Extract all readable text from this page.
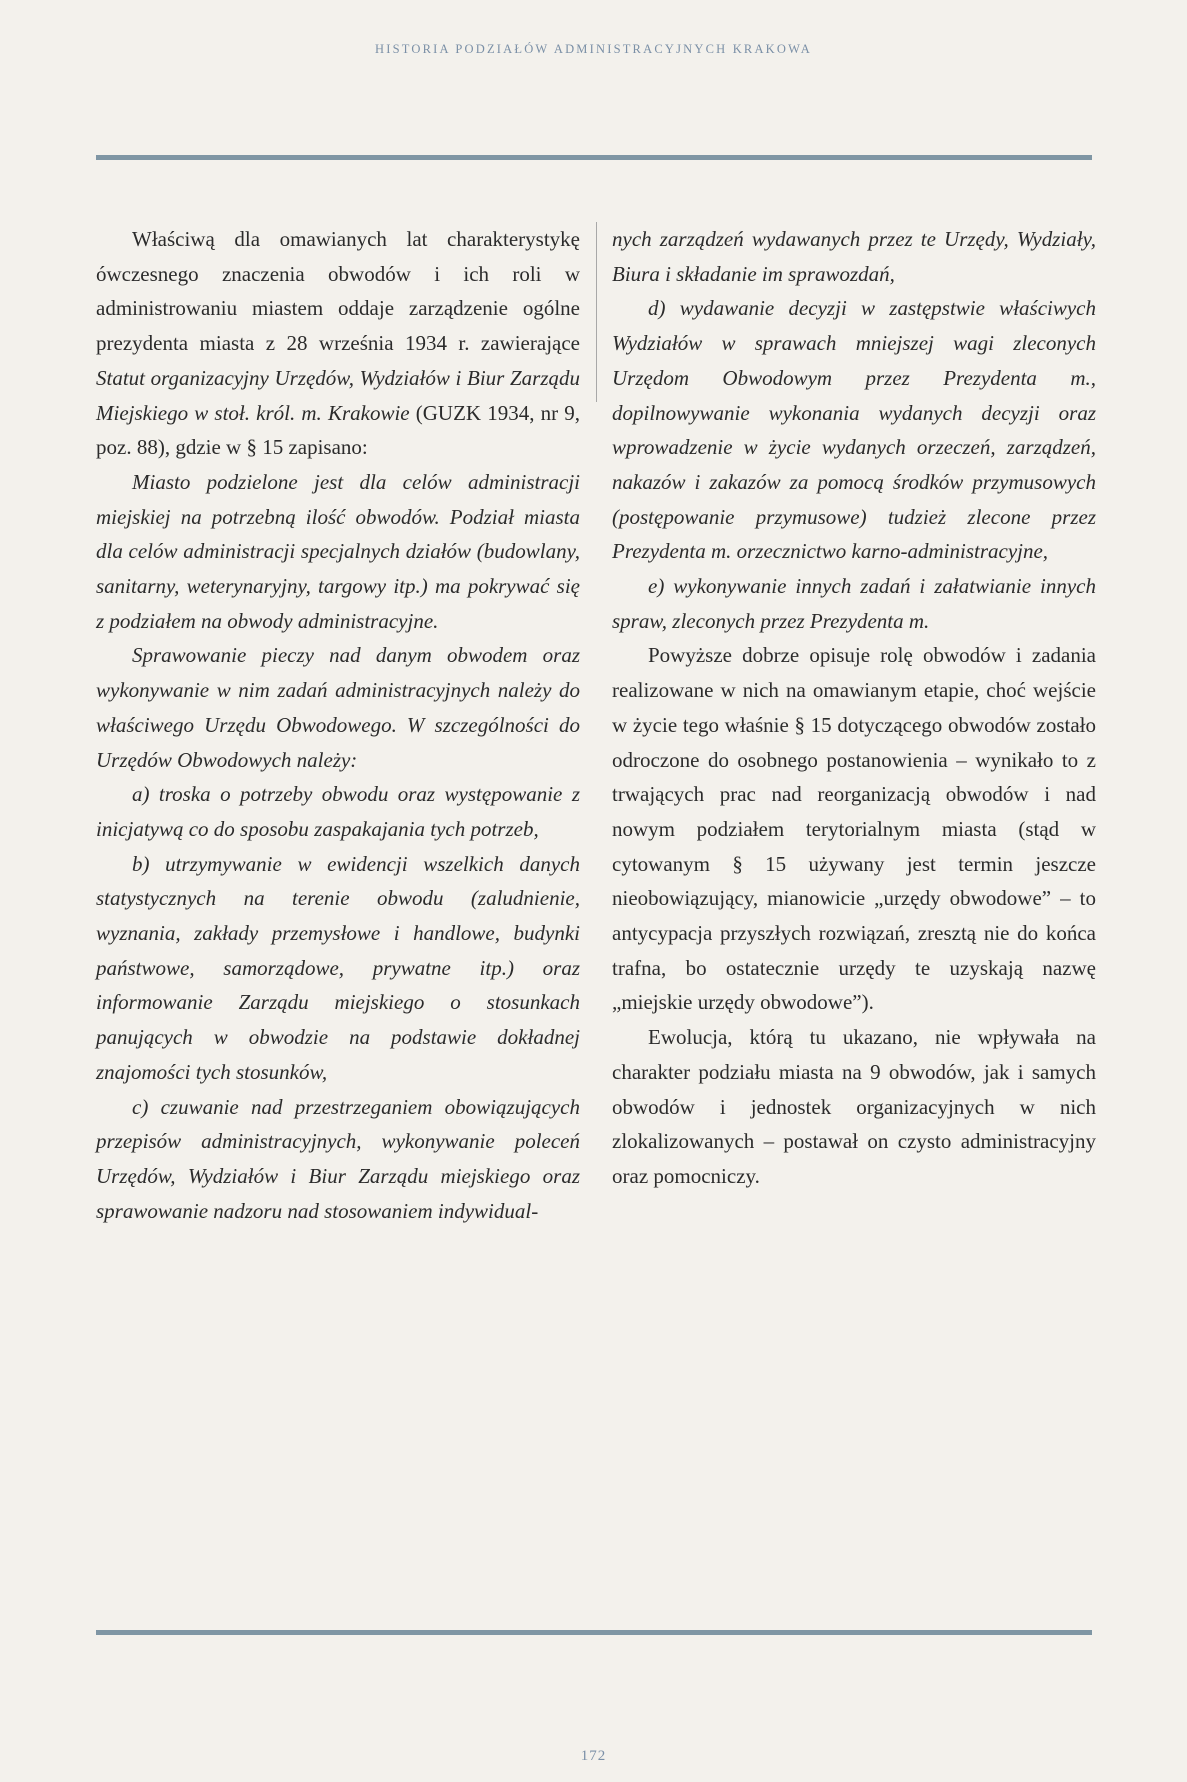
HISTORIA PODZIAŁÓW ADMINISTRACYJNYCH KRAKOWA

Właściwą dla omawianych lat charakterystykę ówczesnego znaczenia obwodów i ich roli w administrowaniu miastem oddaje zarządzenie ogólne prezydenta miasta z 28 września 1934 r. zawierające Statut organizacyjny Urzędów, Wydziałów i Biur Zarządu Miejskiego w stoł. król. m. Krakowie (GUZK 1934, nr 9, poz. 88), gdzie w § 15 zapisano:

Miasto podzielone jest dla celów administracji miejskiej na potrzebną ilość obwodów. Podział miasta dla celów administracji specjalnych działów (budowlany, sanitarny, weterynaryjny, targowy itp.) ma pokrywać się z podziałem na obwody administracyjne.

Sprawowanie pieczy nad danym obwodem oraz wykonywanie w nim zadań administracyjnych należy do właściwego Urzędu Obwodowego. W szczególności do Urzędów Obwodowych należy:

a) troska o potrzeby obwodu oraz występowanie z inicjatywą co do sposobu zaspakajania tych potrzeb,

b) utrzymywanie w ewidencji wszelkich danych statystycznych na terenie obwodu (zaludnienie, wyznania, zakłady przemysłowe i handlowe, budynki państwowe, samorządowe, prywatne itp.) oraz informowanie Zarządu miejskiego o stosunkach panujących w obwodzie na podstawie dokładnej znajomości tych stosunków,

c) czuwanie nad przestrzeganiem obowiązujących przepisów administracyjnych, wykonywanie poleceń Urzędów, Wydziałów i Biur Zarządu miejskiego oraz sprawowanie nadzoru nad stosowaniem indywidual-

nych zarządzeń wydawanych przez te Urzędy, Wydziały, Biura i składanie im sprawozdań,

d) wydawanie decyzji w zastępstwie właściwych Wydziałów w sprawach mniejszej wagi zleconych Urzędom Obwodowym przez Prezydenta m., dopilnowywanie wykonania wydanych decyzji oraz wprowadzenie w życie wydanych orzeczeń, zarządzeń, nakazów i zakazów za pomocą środków przymusowych (postępowanie przymusowe) tudzież zlecone przez Prezydenta m. orzecznictwo karno-administracyjne,

e) wykonywanie innych zadań i załatwianie innych spraw, zleconych przez Prezydenta m.

Powyższe dobrze opisuje rolę obwodów i zadania realizowane w nich na omawianym etapie, choć wejście w życie tego właśnie § 15 dotyczącego obwodów zostało odroczone do osobnego postanowienia – wynikało to z trwających prac nad reorganizacją obwodów i nad nowym podziałem terytorialnym miasta (stąd w cytowanym § 15 używany jest termin jeszcze nieobowiązujący, mianowicie „urzędy obwodowe” – to antycypacja przyszłych rozwiązań, zresztą nie do końca trafna, bo ostatecznie urzędy te uzyskają nazwę „miejskie urzędy obwodowe”).

Ewolucja, którą tu ukazano, nie wpływała na charakter podziału miasta na 9 obwodów, jak i samych obwodów i jednostek organizacyjnych w nich zlokalizowanych – postawał on czysto administracyjny oraz pomocniczy.

172
